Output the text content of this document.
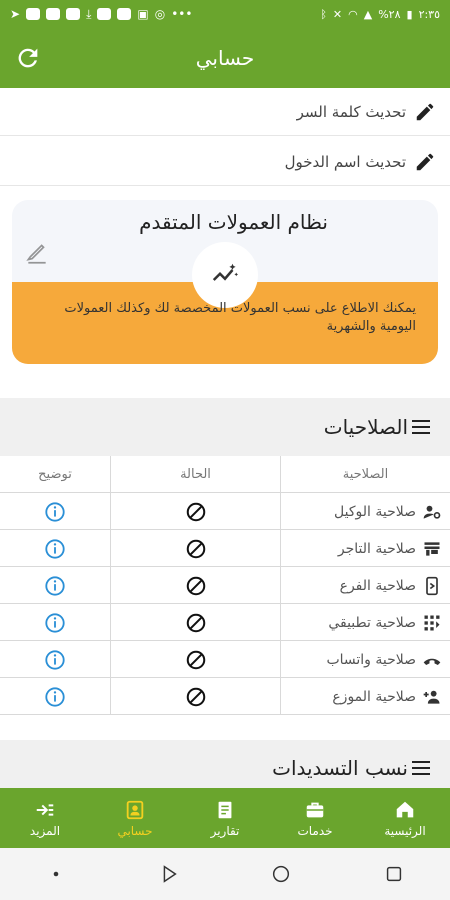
➤	⤓	▣ ◎ •••	ᛒ ✕ ◠ ▲ %٢٨ ▮ ٢:٣٥
حسابي
تحديث كلمة السر
تحديث اسم الدخول
نظام العمولات المتقدم
يمكنك الاطلاع على نسب العمولات المخصصة لك وكذلك العمولات اليومية والشهرية
الصلاحيات
توضيح	الحالة	الصلاحية
صلاحية الوكيل
صلاحية التاجر
صلاحية الفرع
صلاحية تطبيقي
صلاحية واتساب
صلاحية الموزع
نسب التسديدات
المزيد	حسابي	تقارير	خدمات	الرئيسية
